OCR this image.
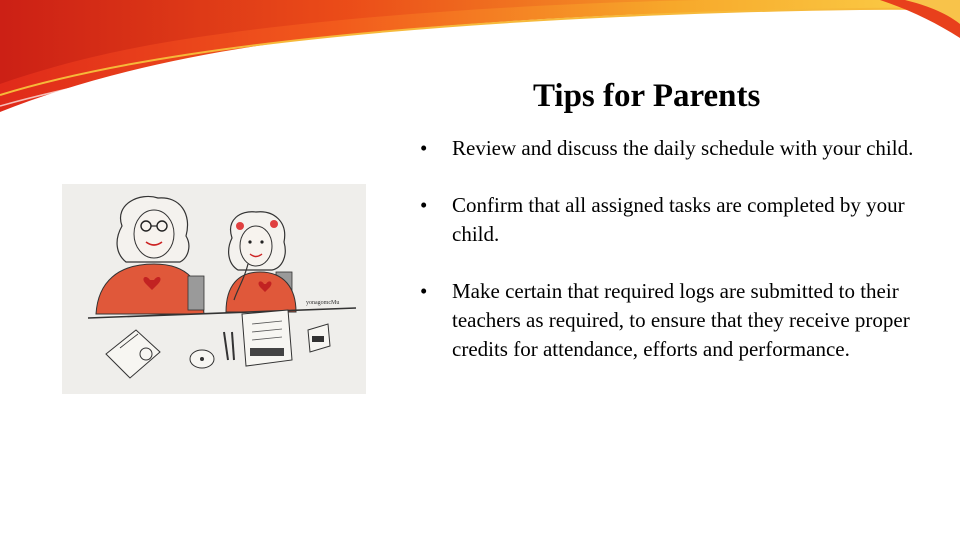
Tips for Parents
• Review and discuss the daily schedule with your child.
• Confirm that all assigned tasks are completed by your child.
• Make certain that required logs are submitted to their teachers as required, to ensure that they receive proper credits for attendance, efforts and performance.
yonagomcMu
